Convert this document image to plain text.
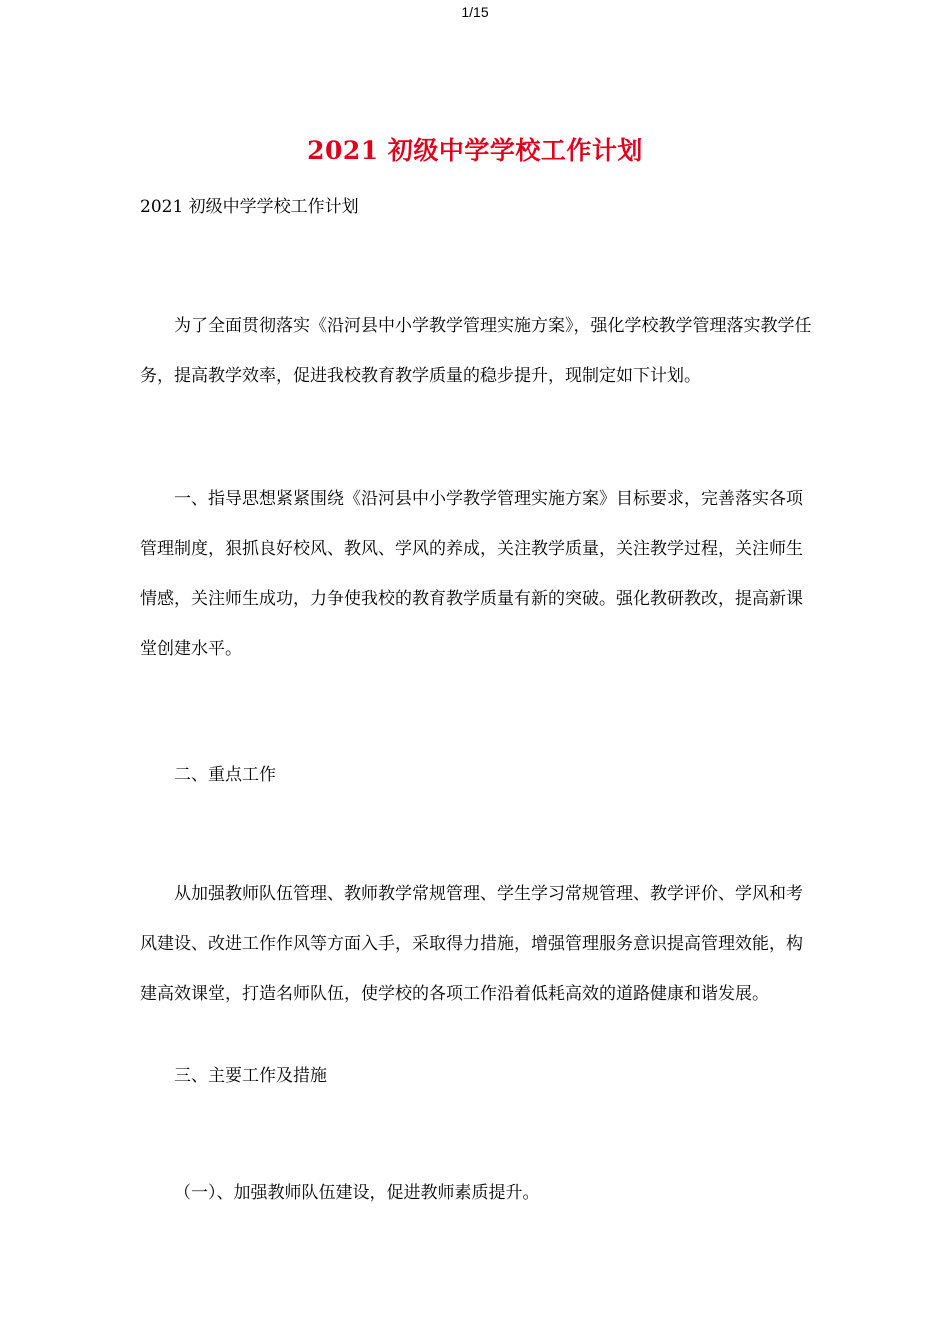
1/15
2021 初级中学学校工作计划
2021 初级中学学校工作计划

为了全面贯彻落实《沿河县中小学教学管理实施方案》，强化学校教学管理落实教学任务，提高教学效率，促进我校教育教学质量的稳步提升，现制定如下计划。

一、指导思想紧紧围绕《沿河县中小学教学管理实施方案》目标要求，完善落实各项管理制度，狠抓良好校风、教风、学风的养成，关注教学质量，关注教学过程，关注师生情感，关注师生成功，力争使我校的教育教学质量有新的突破。强化教研教改，提高新课堂创建水平。

二、重点工作

从加强教师队伍管理、教师教学常规管理、学生学习常规管理、教学评价、学风和考风建设、改进工作作风等方面入手，采取得力措施，增强管理服务意识提高管理效能，构建高效课堂，打造名师队伍，使学校的各项工作沿着低耗高效的道路健康和谐发展。

三、主要工作及措施
（一）、加强教师队伍建设，促进教师素质提升。
